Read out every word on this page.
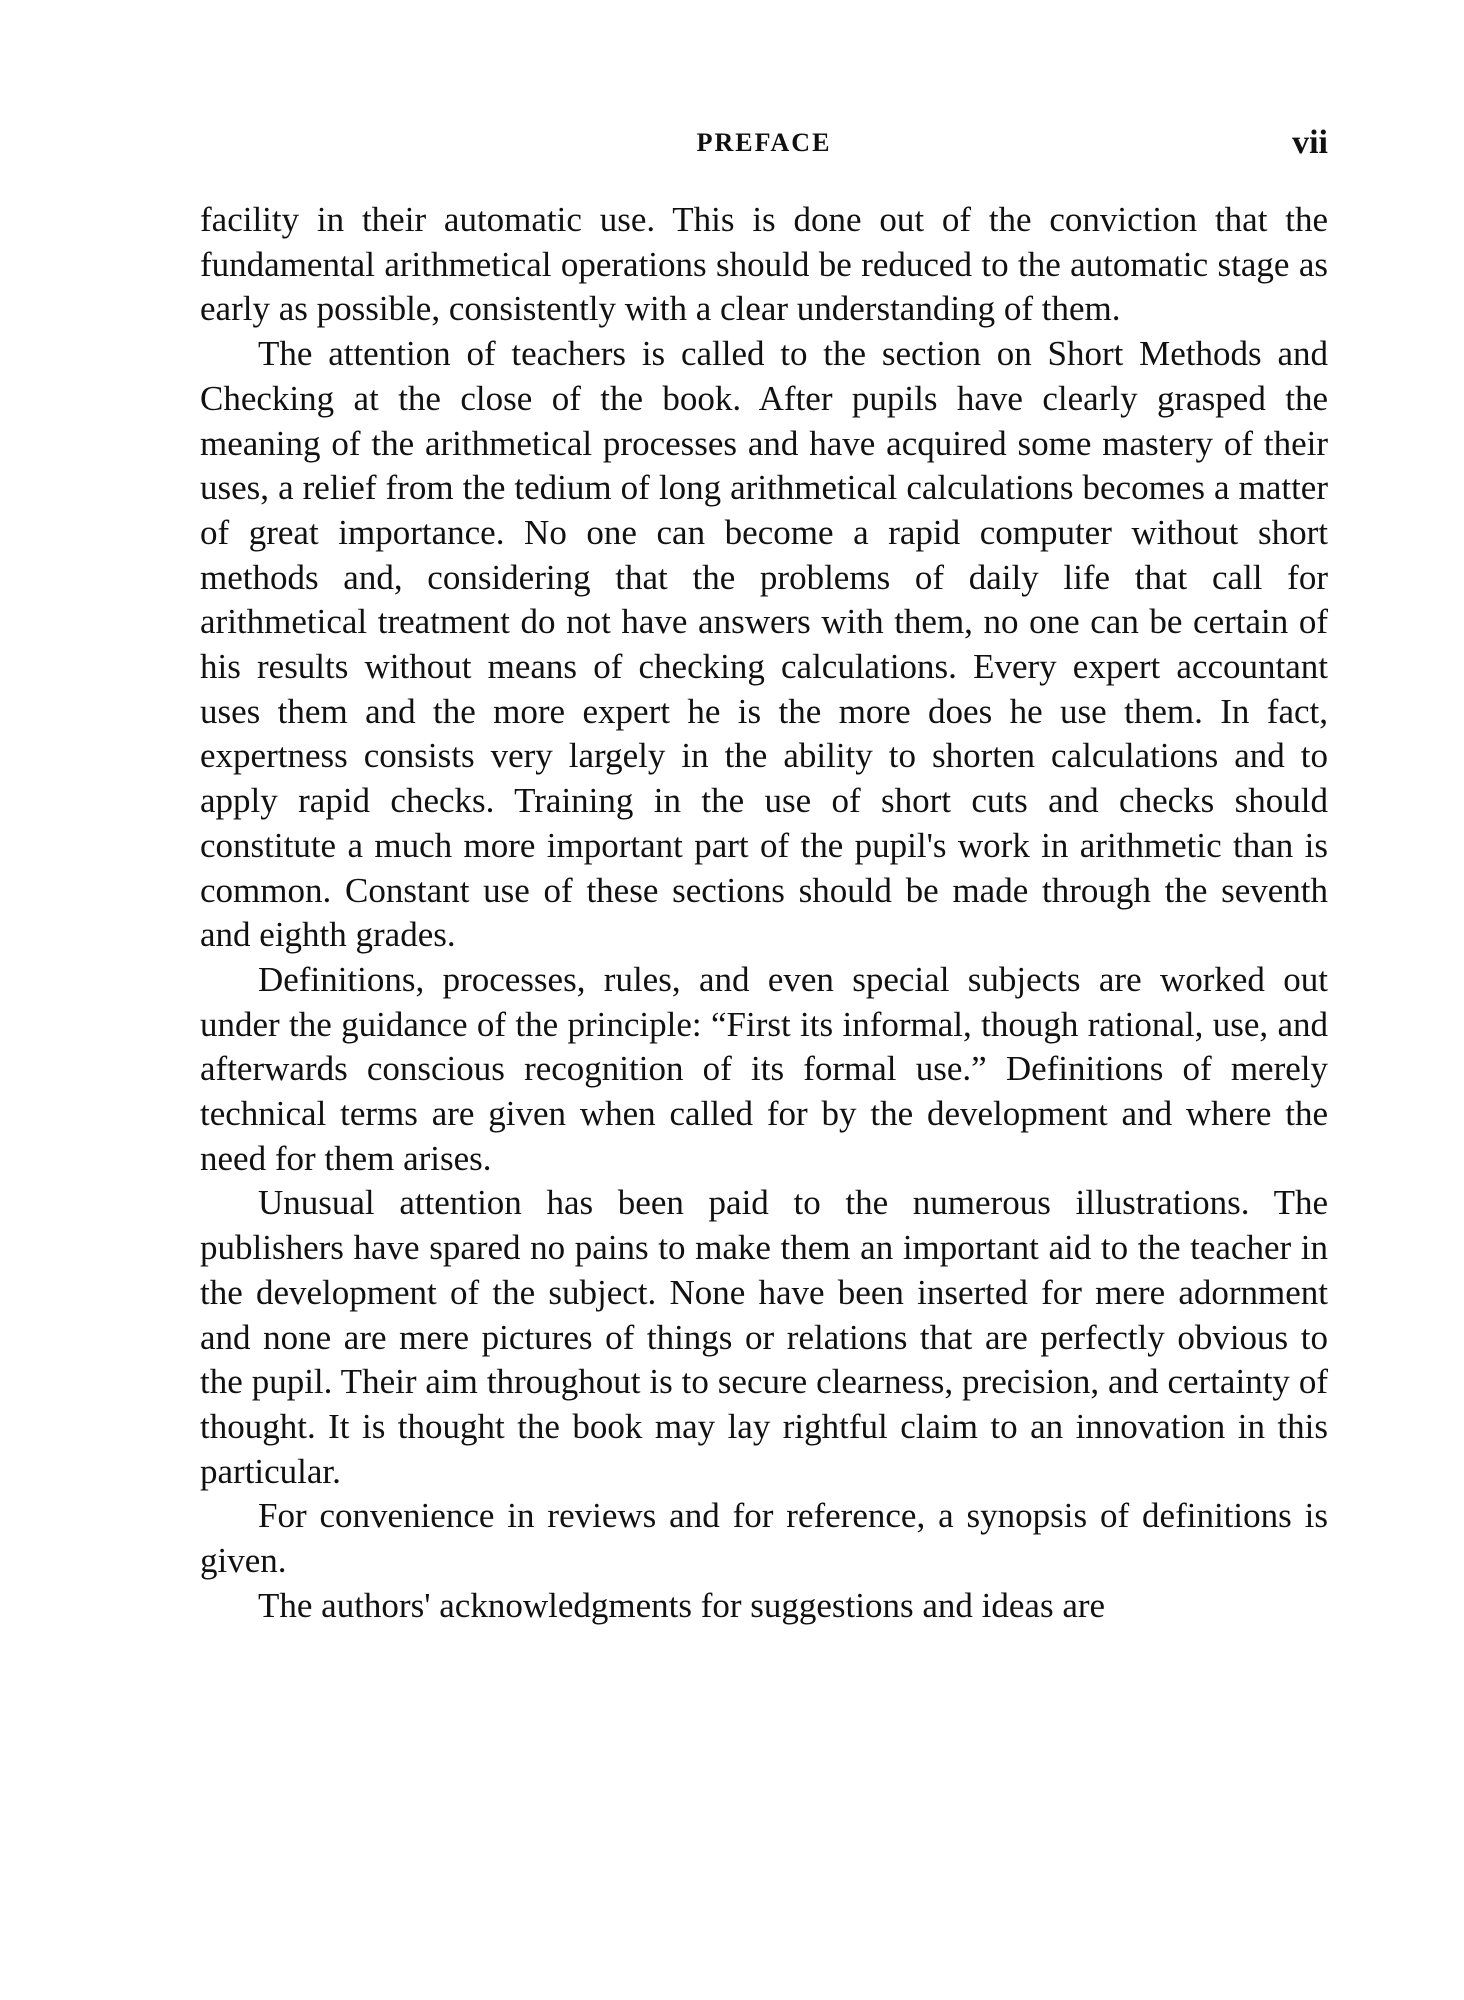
PREFACE	vii

facility in their automatic use. This is done out of the conviction that the fundamental arithmetical operations should be reduced to the automatic stage as early as possible, consistently with a clear understanding of them.

The attention of teachers is called to the section on Short Methods and Checking at the close of the book. After pupils have clearly grasped the meaning of the arithmetical processes and have acquired some mastery of their uses, a relief from the tedium of long arithmetical calculations becomes a matter of great importance. No one can become a rapid computer without short methods and, considering that the problems of daily life that call for arithmetical treatment do not have answers with them, no one can be certain of his results without means of checking calculations. Every expert accountant uses them and the more expert he is the more does he use them. In fact, expertness consists very largely in the ability to shorten calculations and to apply rapid checks. Training in the use of short cuts and checks should constitute a much more important part of the pupil's work in arithmetic than is common. Constant use of these sections should be made through the seventh and eighth grades.

Definitions, processes, rules, and even special subjects are worked out under the guidance of the principle: “First its informal, though rational, use, and afterwards conscious recognition of its formal use.” Definitions of merely technical terms are given when called for by the development and where the need for them arises.

Unusual attention has been paid to the numerous illustrations. The publishers have spared no pains to make them an important aid to the teacher in the development of the subject. None have been inserted for mere adornment and none are mere pictures of things or relations that are perfectly obvious to the pupil. Their aim throughout is to secure clearness, precision, and certainty of thought. It is thought the book may lay rightful claim to an innovation in this particular.

For convenience in reviews and for reference, a synopsis of definitions is given.

The authors' acknowledgments for suggestions and ideas are
